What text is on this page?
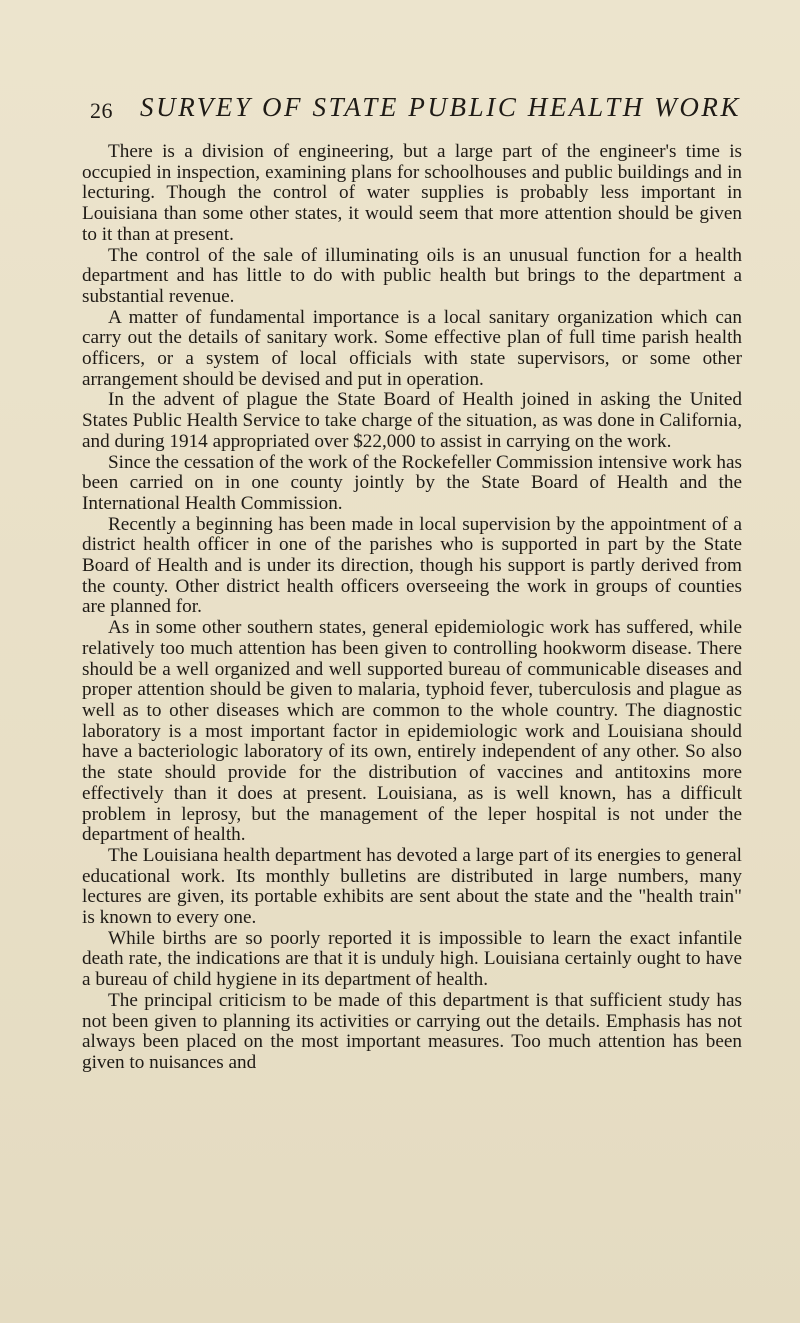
26 SURVEY OF STATE PUBLIC HEALTH WORK

There is a division of engineering, but a large part of the engineer's time is occupied in inspection, examining plans for schoolhouses and public buildings and in lecturing. Though the control of water supplies is probably less important in Louisiana than some other states, it would seem that more attention should be given to it than at present.

The control of the sale of illuminating oils is an unusual function for a health department and has little to do with public health but brings to the department a substantial revenue.

A matter of fundamental importance is a local sanitary organization which can carry out the details of sanitary work. Some effective plan of full time parish health officers, or a system of local officials with state supervisors, or some other arrangement should be devised and put in operation.

In the advent of plague the State Board of Health joined in asking the United States Public Health Service to take charge of the situation, as was done in California, and during 1914 appropriated over $22,000 to assist in carrying on the work.

Since the cessation of the work of the Rockefeller Commission intensive work has been carried on in one county jointly by the State Board of Health and the International Health Commission.

Recently a beginning has been made in local supervision by the appointment of a district health officer in one of the parishes who is supported in part by the State Board of Health and is under its direction, though his support is partly derived from the county. Other district health officers overseeing the work in groups of counties are planned for.

As in some other southern states, general epidemiologic work has suffered, while relatively too much attention has been given to controlling hookworm disease. There should be a well organized and well supported bureau of communicable diseases and proper attention should be given to malaria, typhoid fever, tuberculosis and plague as well as to other diseases which are common to the whole country. The diagnostic laboratory is a most important factor in epidemiologic work and Louisiana should have a bacteriologic laboratory of its own, entirely independent of any other. So also the state should provide for the distribution of vaccines and antitoxins more effectively than it does at present. Louisiana, as is well known, has a difficult problem in leprosy, but the management of the leper hospital is not under the department of health.

The Louisiana health department has devoted a large part of its energies to general educational work. Its monthly bulletins are distributed in large numbers, many lectures are given, its portable exhibits are sent about the state and the "health train" is known to every one.

While births are so poorly reported it is impossible to learn the exact infantile death rate, the indications are that it is unduly high. Louisiana certainly ought to have a bureau of child hygiene in its department of health.

The principal criticism to be made of this department is that sufficient study has not been given to planning its activities or carrying out the details. Emphasis has not always been placed on the most important measures. Too much attention has been given to nuisances and
